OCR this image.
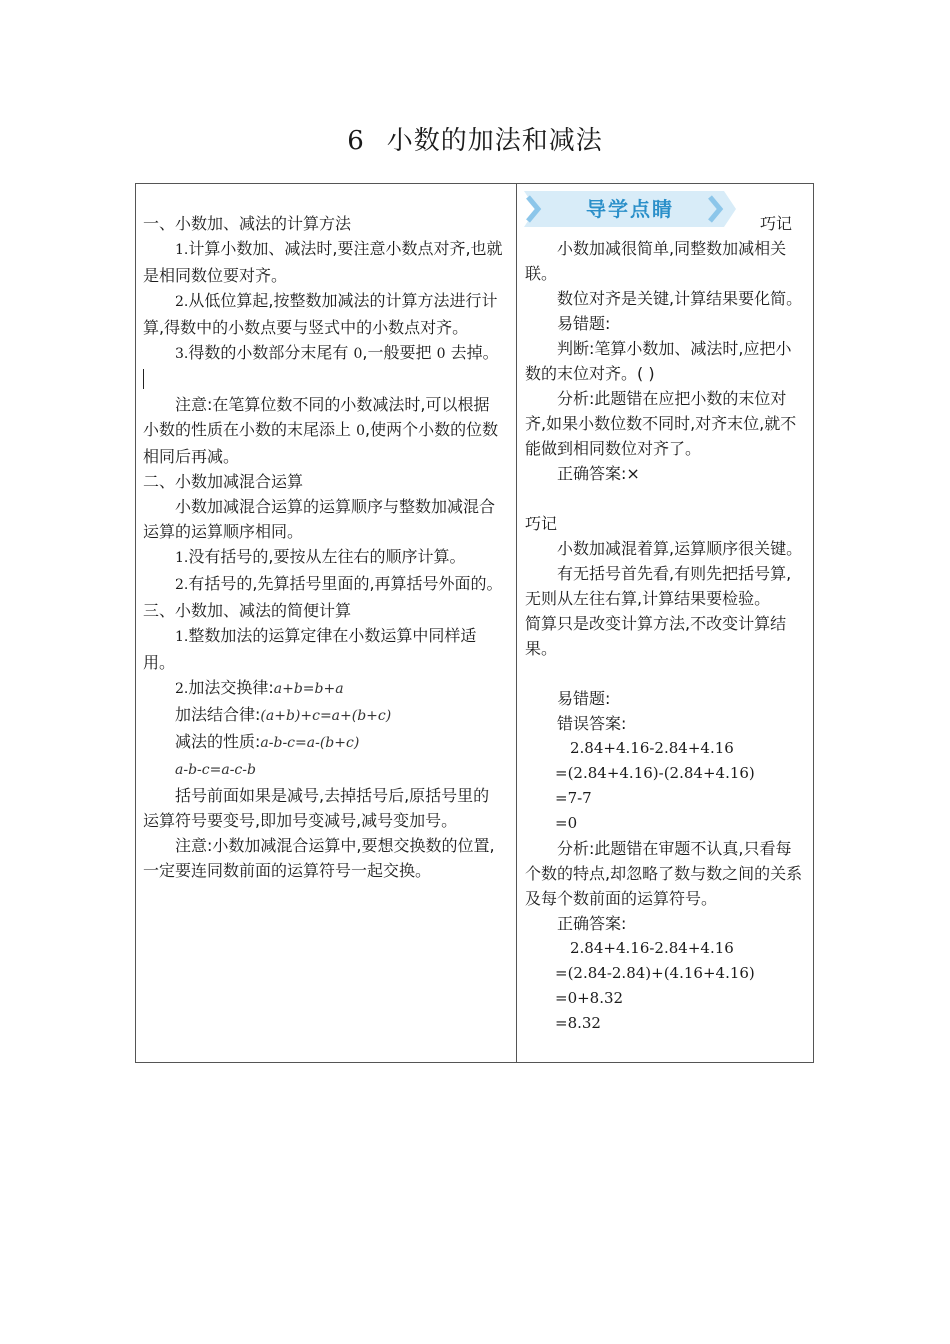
6 小数的加法和减法
导学点睛
巧记

一、小数加、减法的计算方法

1.计算小数加、减法时,要注意小数点对齐,也就是相同数位要对齐。

2.从低位算起,按整数加减法的计算方法进行计算,得数中的小数点要与竖式中的小数点对齐。

3.得数的小数部分末尾有 0,一般要把 0 去掉。

注意:在笔算位数不同的小数减法时,可以根据小数的性质在小数的末尾添上 0,使两个小数的位数相同后再减。

二、小数加减混合运算

小数加减混合运算的运算顺序与整数加减混合运算的运算顺序相同。

1.没有括号的,要按从左往右的顺序计算。

2.有括号的,先算括号里面的,再算括号外面的。

三、小数加、减法的简便计算

1.整数加法的运算定律在小数运算中同样适用。

2.加法交换律:a+b=b+a

加法结合律:(a+b)+c=a+(b+c)

减法的性质:a-b-c=a-(b+c)

a-b-c=a-c-b

括号前面如果是减号,去掉括号后,原括号里的运算符号要变号,即加号变减号,减号变加号。

注意:小数加减混合运算中,要想交换数的位置,一定要连同数前面的运算符号一起交换。

小数加减很简单,同整数加减相关联。

数位对齐是关键,计算结果要化简。

易错题:

判断:笔算小数加、减法时,应把小数的末位对齐。( )

分析:此题错在应把小数的末位对齐,如果小数位数不同时,对齐末位,就不能做到相同数位对齐了。

正确答案:×

巧记

小数加减混着算,运算顺序很关键。

有无括号首先看,有则先把括号算,无则从左往右算,计算结果要检验。

简算只是改变计算方法,不改变计算结果。

易错题:

错误答案:

2.84+4.16-2.84+4.16

=(2.84+4.16)-(2.84+4.16)

=7-7

=0

分析:此题错在审题不认真,只看每个数的特点,却忽略了数与数之间的关系及每个数前面的运算符号。

正确答案:

2.84+4.16-2.84+4.16

=(2.84-2.84)+(4.16+4.16)

=0+8.32

=8.32
